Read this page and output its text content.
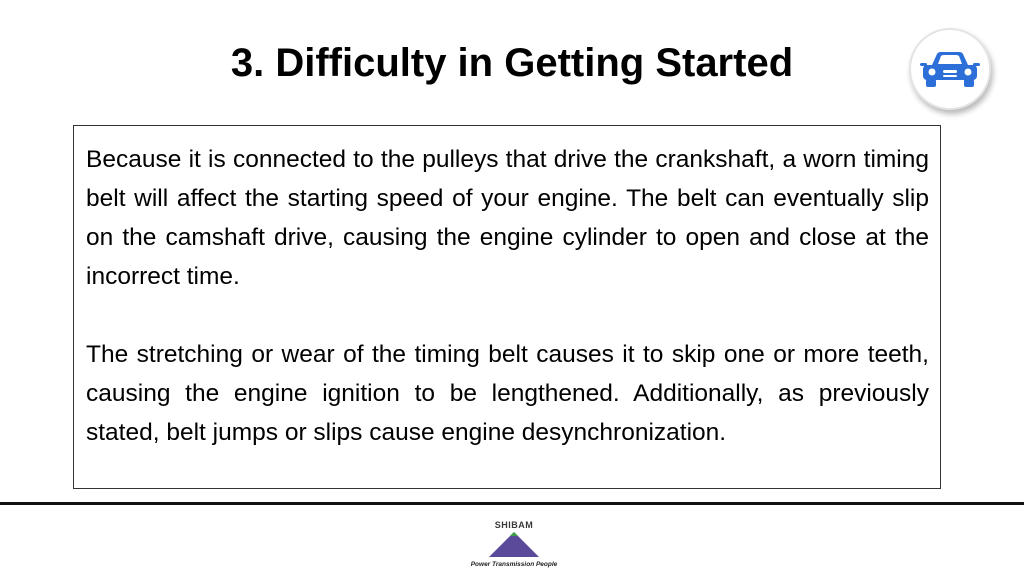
3. Difficulty in Getting Started

Because it is connected to the pulleys that drive the crankshaft, a worn timing belt will affect the starting speed of your engine. The belt can eventually slip on the camshaft drive, causing the engine cylinder to open and close at the incorrect time.

The stretching or wear of the timing belt causes it to skip one or more teeth, causing the engine ignition to be lengthened. Additionally, as previously stated, belt jumps or slips cause engine desynchronization.

SHIBAM
Power Transmission People
